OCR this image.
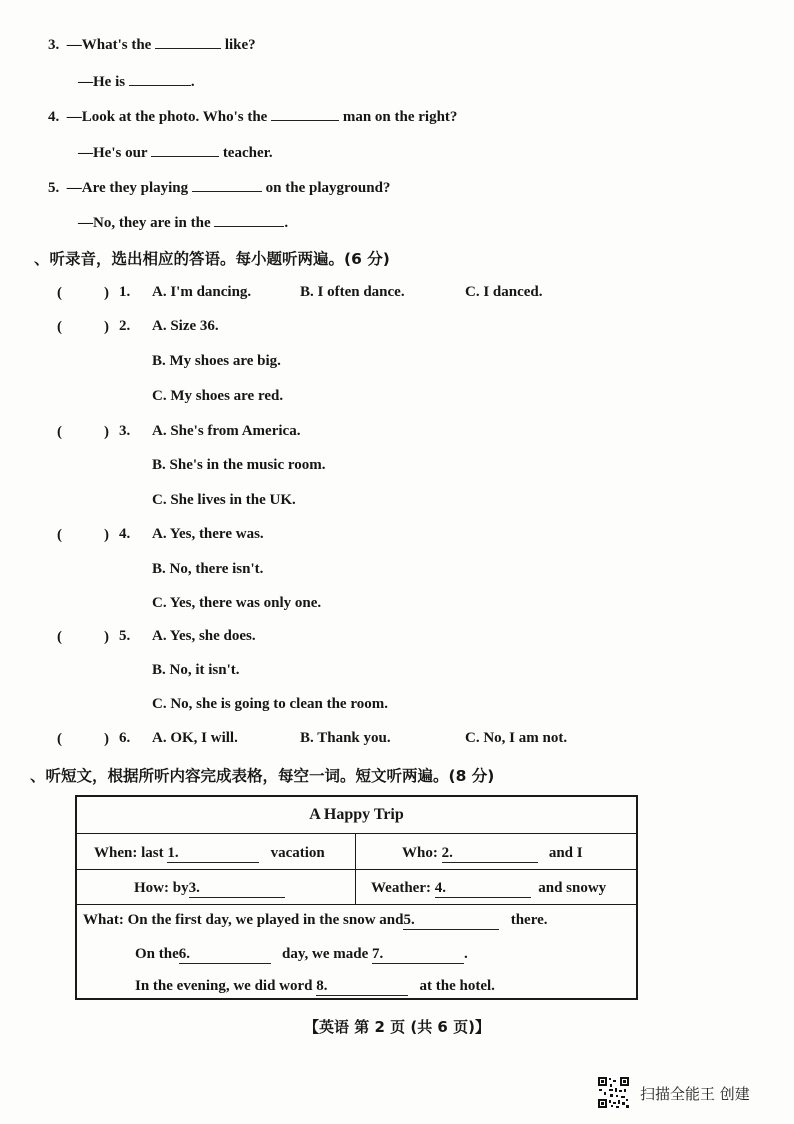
3. —What's the	like?
—He is	.
4. —Look at the photo. Who's the	man on the right?
—He's our	teacher.
5. —Are they playing	on the playground?
—No, they are in the	.
、听录音，选出相应的答语。每小题听两遍。(6 分)
(	) 1. A. I'm dancing.	B. I often dance.	C. I danced.
(	) 2. A. Size 36.
B. My shoes are big.
C. My shoes are red.
(	) 3. A. She's from America.
B. She's in the music room.
C. She lives in the UK.
(	) 4. A. Yes, there was.
B. No, there isn't.
C. Yes, there was only one.
(	) 5. A. Yes, she does.
B. No, it isn't.
C. No, she is going to clean the room.
(	) 6. A. OK, I will.	B. Thank you.	C. No, I am not.
、听短文，根据所听内容完成表格，每空一词。短文听两遍。(8 分)
A Happy Trip
When: last 1.	vacation	Who: 2.	and I
How: by3.	Weather: 4.	and snowy
What: On the first day, we played in the snow and5.	there.
On the6.	day, we made 7.	.
In the evening, we did word 8.	at the hotel.
【英语 第 2 页 (共 6 页)】
扫描全能王 创建
